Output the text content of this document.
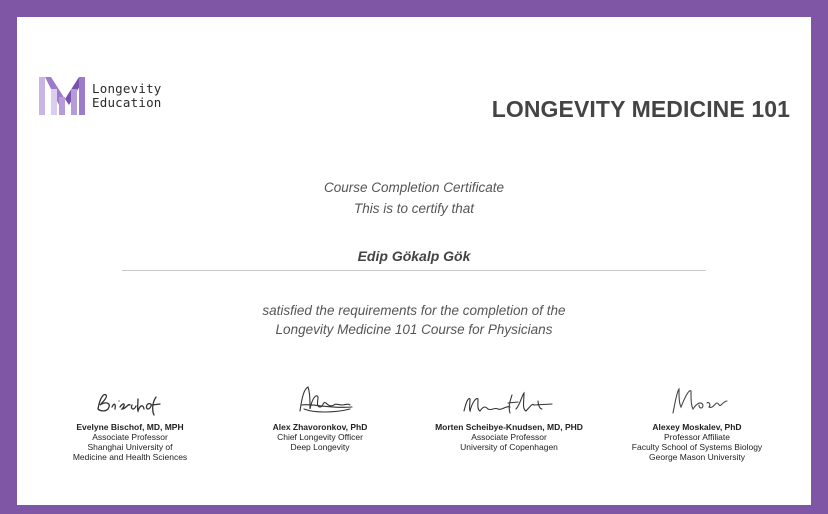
Longevity
Education	LONGEVITY MEDICINE 101
Course Completion Certificate
This is to certify that
Edip Gökalp Gök
satisfied the requirements for the completion of the
Longevity Medicine 101 Course for Physicians
Evelyne Bischof, MD, MPH
Associate Professor
Shanghai University of
Medicine and Health Sciences
Alex Zhavoronkov, PhD
Chief Longevity Officer
Deep Longevity
Morten Scheibye-Knudsen, MD, PHD
Associate Professor
University of Copenhagen
Alexey Moskalev, PhD
Professor Affiliate
Faculty School of Systems Biology
George Mason University
